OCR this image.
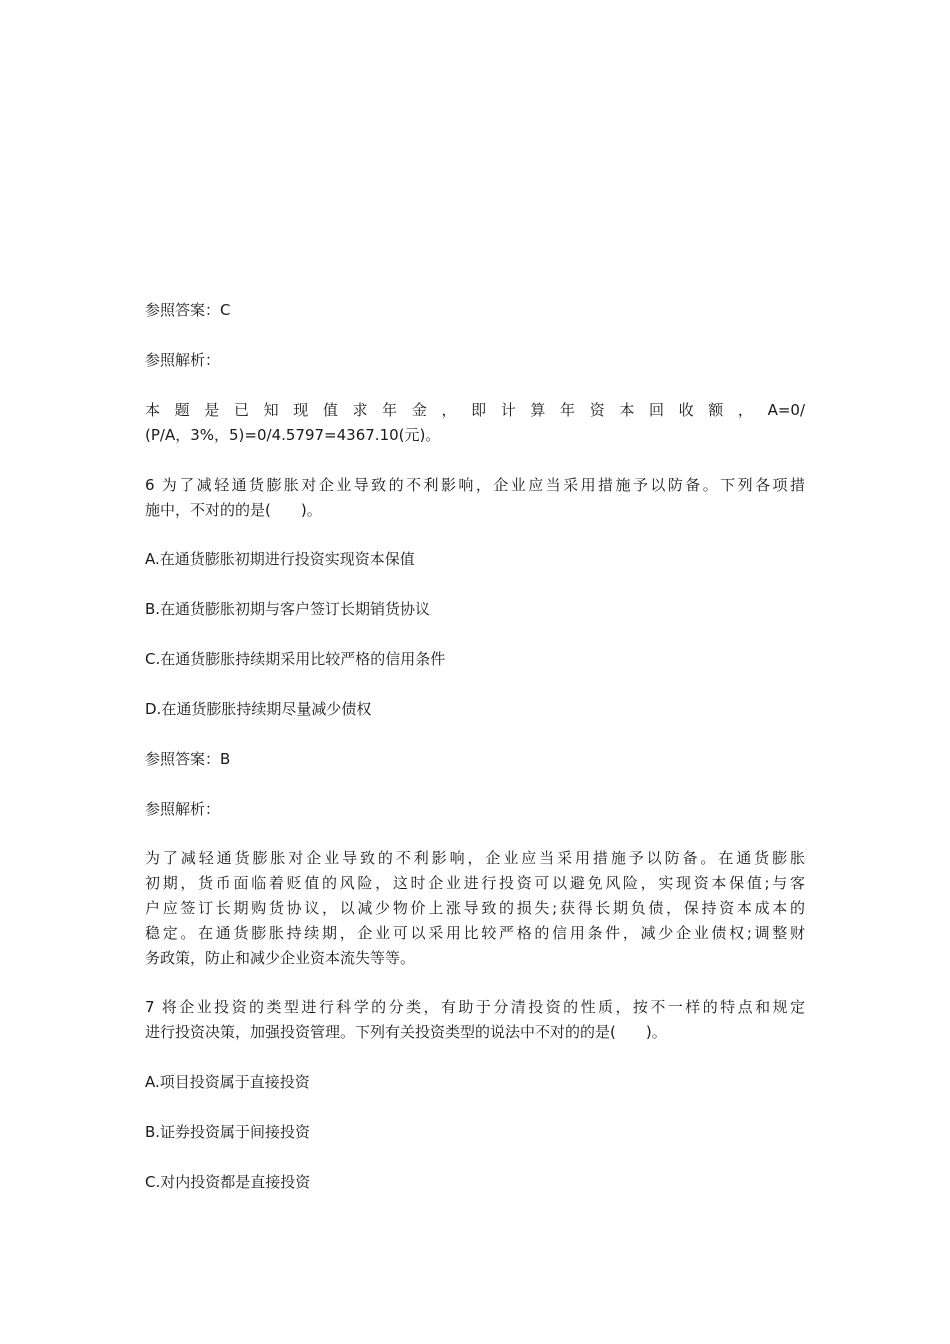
参照答案：C

参照解析：

本 题 是 已 知 现 值 求 年 金 ， 即 计 算 年 资 本 回 收 额 ， A=0/
(P/A，3%，5)=0/4.5797=4367.10(元)。
6 为了减轻通货膨胀对企业导致的不利影响，企业应当采用措施予以防备。下列各项措
施中，不对的的是(　　)。

A.在通货膨胀初期进行投资实现资本保值

B.在通货膨胀初期与客户签订长期销货协议

C.在通货膨胀持续期采用比较严格的信用条件

D.在通货膨胀持续期尽量减少债权

参照答案：B

参照解析：

为了减轻通货膨胀对企业导致的不利影响，企业应当采用措施予以防备。在通货膨胀
初期，货币面临着贬值的风险，这时企业进行投资可以避免风险，实现资本保值;与客
户应签订长期购货协议，以减少物价上涨导致的损失;获得长期负债，保持资本成本的
稳定。在通货膨胀持续期，企业可以采用比较严格的信用条件，减少企业债权;调整财
务政策，防止和减少企业资本流失等等。
7 将企业投资的类型进行科学的分类，有助于分清投资的性质，按不一样的特点和规定
进行投资决策，加强投资管理。下列有关投资类型的说法中不对的的是(　　)。

A.项目投资属于直接投资

B.证券投资属于间接投资

C.对内投资都是直接投资
